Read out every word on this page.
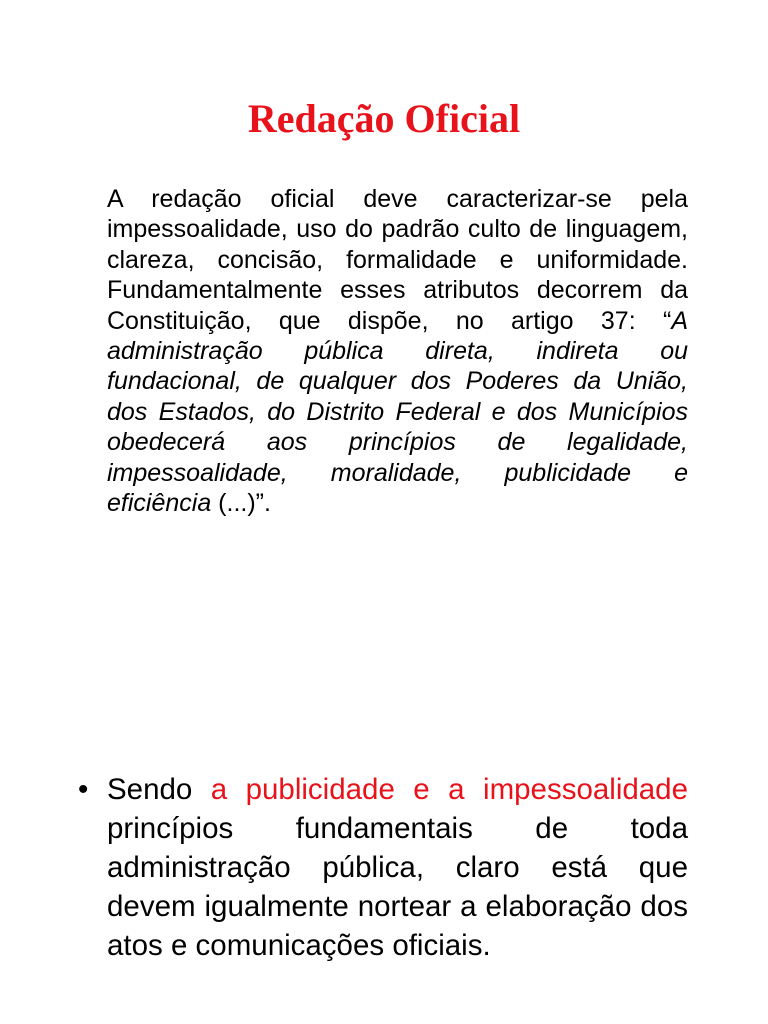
Redação Oficial

A redação oficial deve caracterizar-se pela impessoalidade, uso do padrão culto de linguagem, clareza, concisão, formalidade e uniformidade. Fundamentalmente esses atributos decorrem da Constituição, que dispõe, no artigo 37: “A administração pública direta, indireta ou fundacional, de qualquer dos Poderes da União, dos Estados, do Distrito Federal e dos Municípios obedecerá aos princípios de legalidade, impessoalidade, moralidade, publicidade e eficiência (...)”.

• Sendo a publicidade e a impessoalidade princípios fundamentais de toda administração pública, claro está que devem igualmente nortear a elaboração dos atos e comunicações oficiais.
